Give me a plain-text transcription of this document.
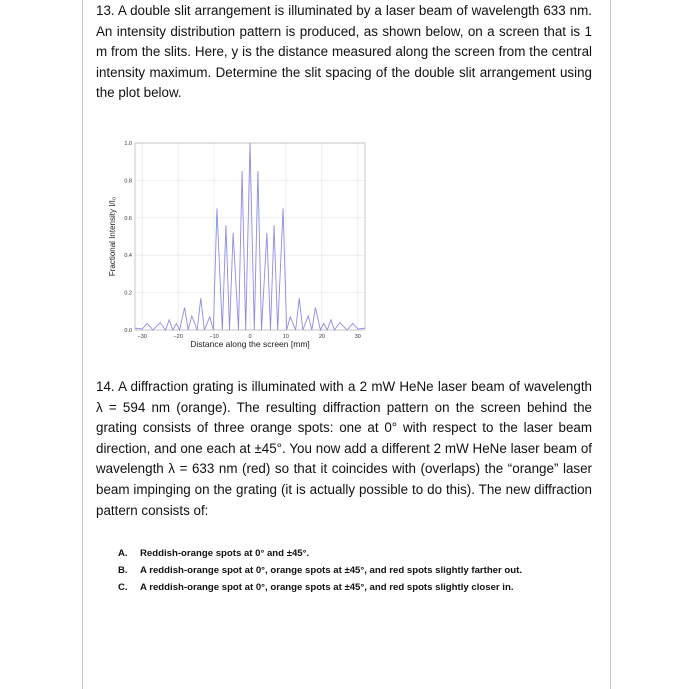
13. A double slit arrangement is illuminated by a laser beam of wavelength 633 nm. An intensity distribution pattern is produced, as shown below, on a screen that is 1 m from the slits. Here, y is the distance measured along the screen from the central intensity maximum. Determine the slit spacing of the double slit arrangement using the plot below.
−30	−20	−10	0	10	20	30
0.0
0.2
0.4
0.6
0.8
1.0
Distance along the screen [mm]
Fractional Intensity I/I₀
14. A diffraction grating is illuminated with a 2 mW HeNe laser beam of wavelength λ = 594 nm (orange). The resulting diffraction pattern on the screen behind the grating consists of three orange spots: one at 0° with respect to the laser beam direction, and one each at ±45°. You now add a different 2 mW HeNe laser beam of wavelength λ = 633 nm (red) so that it coincides with (overlaps) the “orange” laser beam impinging on the grating (it is actually possible to do this). The new diffraction pattern consists of:
A.	Reddish-orange spots at 0° and ±45°.
B.	A reddish-orange spot at 0°, orange spots at ±45°, and red spots slightly farther out.
C.	A reddish-orange spot at 0°, orange spots at ±45°, and red spots slightly closer in.
